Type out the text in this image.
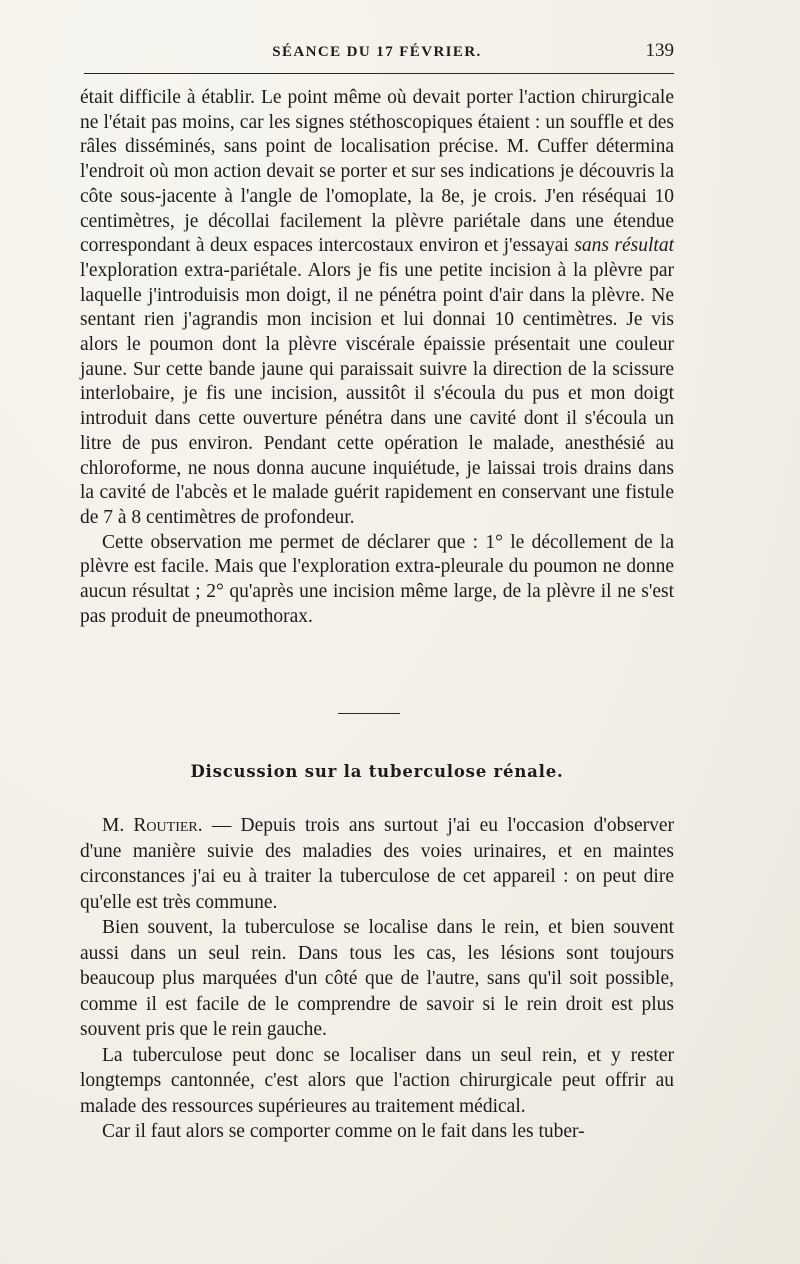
SÉANCE DU 17 FÉVRIER.	139

était difficile à établir. Le point même où devait porter l'action chirurgicale ne l'était pas moins, car les signes stéthoscopiques étaient : un souffle et des râles disséminés, sans point de localisation précise. M. Cuffer détermina l'endroit où mon action devait se porter et sur ses indications je découvris la côte sous-jacente à l'angle de l'omoplate, la 8e, je crois. J'en réséquai 10 centimètres, je décollai facilement la plèvre pariétale dans une étendue correspondant à deux espaces intercostaux environ et j'essayai sans résultat l'exploration extra-pariétale. Alors je fis une petite incision à la plèvre par laquelle j'introduisis mon doigt, il ne pénétra point d'air dans la plèvre. Ne sentant rien j'agrandis mon incision et lui donnai 10 centimètres. Je vis alors le poumon dont la plèvre viscérale épaissie présentait une couleur jaune. Sur cette bande jaune qui paraissait suivre la direction de la scissure interlobaire, je fis une incision, aussitôt il s'écoula du pus et mon doigt introduit dans cette ouverture pénétra dans une cavité dont il s'écoula un litre de pus environ. Pendant cette opération le malade, anesthésié au chloroforme, ne nous donna aucune inquiétude, je laissai trois drains dans la cavité de l'abcès et le malade guérit rapidement en conservant une fistule de 7 à 8 centimètres de profondeur.

Cette observation me permet de déclarer que : 1° le décollement de la plèvre est facile. Mais que l'exploration extra-pleurale du poumon ne donne aucun résultat ; 2° qu'après une incision même large, de la plèvre il ne s'est pas produit de pneumothorax.

Discussion sur la tuberculose rénale.

M. Routier. — Depuis trois ans surtout j'ai eu l'occasion d'observer d'une manière suivie des maladies des voies urinaires, et en maintes circonstances j'ai eu à traiter la tuberculose de cet appareil : on peut dire qu'elle est très commune.

Bien souvent, la tuberculose se localise dans le rein, et bien souvent aussi dans un seul rein. Dans tous les cas, les lésions sont toujours beaucoup plus marquées d'un côté que de l'autre, sans qu'il soit possible, comme il est facile de le comprendre de savoir si le rein droit est plus souvent pris que le rein gauche.

La tuberculose peut donc se localiser dans un seul rein, et y rester longtemps cantonnée, c'est alors que l'action chirurgicale peut offrir au malade des ressources supérieures au traitement médical.

Car il faut alors se comporter comme on le fait dans les tuber-
